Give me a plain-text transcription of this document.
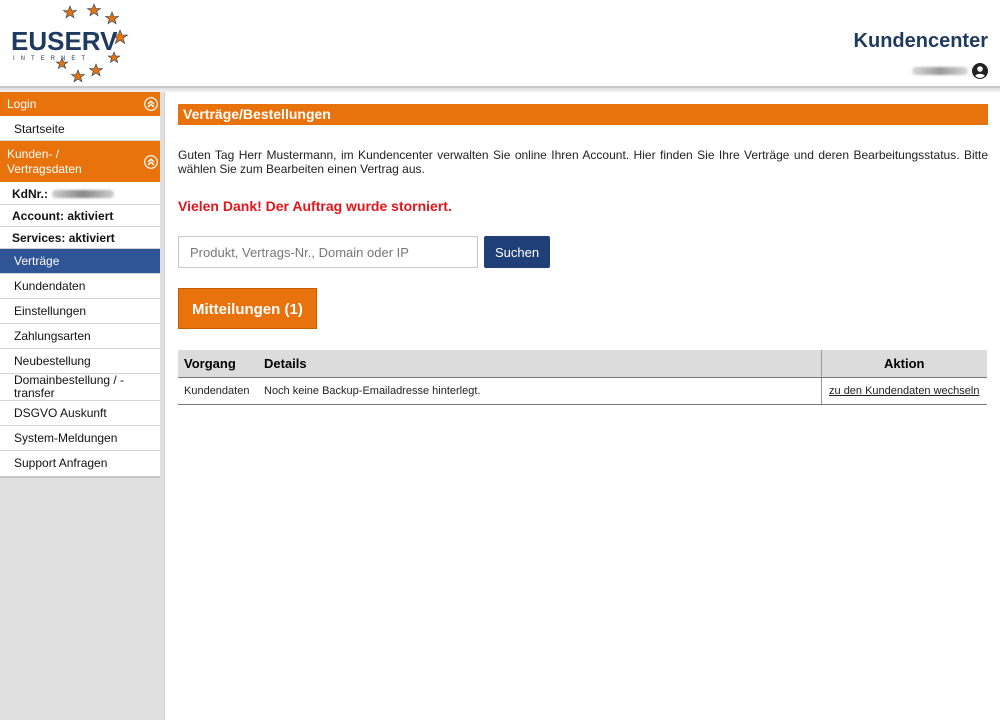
EUSERV
INTERNET
Kundencenter
Login
Startseite
Kunden- / Vertragsdaten
KdNr.:
Account: aktiviert
Services: aktiviert
Verträge
Kundendaten
Einstellungen
Zahlungsarten
Neubestellung
Domainbestellung / -transfer
DSGVO Auskunft
System-Meldungen
Support Anfragen
Verträge/Bestellungen

Guten Tag Herr Mustermann, im Kundencenter verwalten Sie online Ihren Account. Hier finden Sie Ihre Verträge und deren Bearbeitungsstatus. Bitte wählen Sie zum Bearbeiten einen Vertrag aus.

Vielen Dank! Der Auftrag wurde storniert.
Produkt, Vertrags-Nr., Domain oder IP
Suchen
Mitteilungen (1)
Vorgang	Details	Aktion
Kundendaten	Noch keine Backup-Emailadresse hinterlegt.	zu den Kundendaten wechseln
